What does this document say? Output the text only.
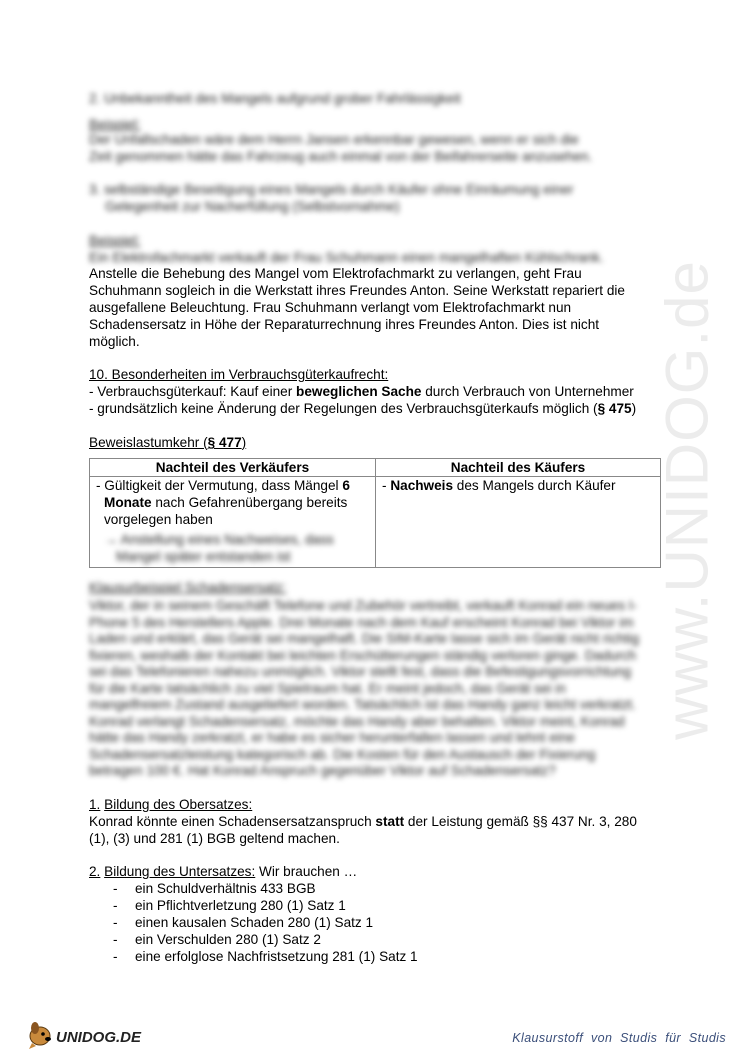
www.UNIDOG.de
2. Unbekanntheit des Mangels aufgrund grober Fahrlässigkeit
Beispiel:
Der Unfallschaden wäre dem Herrn Jansen erkennbar gewesen, wenn er sich die
Zeit genommen hätte das Fahrzeug auch einmal von der Beifahrerseite anzusehen.
3. selbständige Beseitigung eines Mangels durch Käufer ohne Einräumung einer
Gelegenheit zur Nacherfüllung (Selbstvornahme)
Beispiel:
Ein Elektrofachmarkt verkauft der Frau Schuhmann einen mangelhaften Kühlschrank.
Anstelle die Behebung des Mangel vom Elektrofachmarkt zu verlangen, geht Frau
Schuhmann sogleich in die Werkstatt ihres Freundes Anton. Seine Werkstatt repariert die
ausgefallene Beleuchtung. Frau Schuhmann verlangt vom Elektrofachmarkt nun
Schadensersatz in Höhe der Reparaturrechnung ihres Freundes Anton. Dies ist nicht
möglich.
10. Besonderheiten im Verbrauchsgüterkaufrecht:
- Verbrauchsgüterkauf: Kauf einer beweglichen Sache durch Verbrauch von Unternehmer
- grundsätzlich keine Änderung der Regelungen des Verbrauchsgüterkaufs möglich (§ 475)
Beweislastumkehr (§ 477)
Nachteil des Verkäufers	Nachteil des Käufers

- Gültigkeit der Vermutung, dass Mängel 6
Monate nach Gefahrenübergang bereits
vorgelegen haben
→ Anstellung eines Nachweises, dass
Mangel später entstanden ist	- Nachweis des Mangels durch Käufer
Klausurbeispiel Schadensersatz:
Viktor, der in seinem Geschäft Telefone und Zubehör vertreibt, verkauft Konrad ein neues I-
Phone 5 des Herstellers Apple. Drei Monate nach dem Kauf erscheint Konrad bei Viktor im
Laden und erklärt, das Gerät sei mangelhaft. Die SIM-Karte lasse sich im Gerät nicht richtig
fixieren, weshalb der Kontakt bei leichten Erschütterungen ständig verloren ginge. Dadurch
sei das Telefonieren nahezu unmöglich. Viktor stellt fest, dass die Befestigungsvorrichtung
für die Karte tatsächlich zu viel Spielraum hat. Er meint jedoch, das Gerät sei in
mangelfreiem Zustand ausgeliefert worden. Tatsächlich ist das Handy ganz leicht verkratzt.
Konrad verlangt Schadensersatz, möchte das Handy aber behalten. Viktor meint, Konrad
hätte das Handy zerkratzt, er habe es sicher herunterfallen lassen und lehnt eine
Schadensersatzleistung kategorisch ab. Die Kosten für den Austausch der Fixierung
betragen 100 €. Hat Konrad Anspruch gegenüber Viktor auf Schadensersatz?
1. Bildung des Obersatzes:
Konrad könnte einen Schadensersatzanspruch statt der Leistung gemäß §§ 437 Nr. 3, 280
(1), (3) und 281 (1) BGB geltend machen.
2. Bildung des Untersatzes: Wir brauchen …
- ein Schuldverhältnis 433 BGB
- ein Pflichtverletzung 280 (1) Satz 1
- einen kausalen Schaden 280 (1) Satz 1
- ein Verschulden 280 (1) Satz 2
- eine erfolglose Nachfristsetzung 281 (1) Satz 1
UNIDOG.DE	Klausurstoff von Studis für Studis
